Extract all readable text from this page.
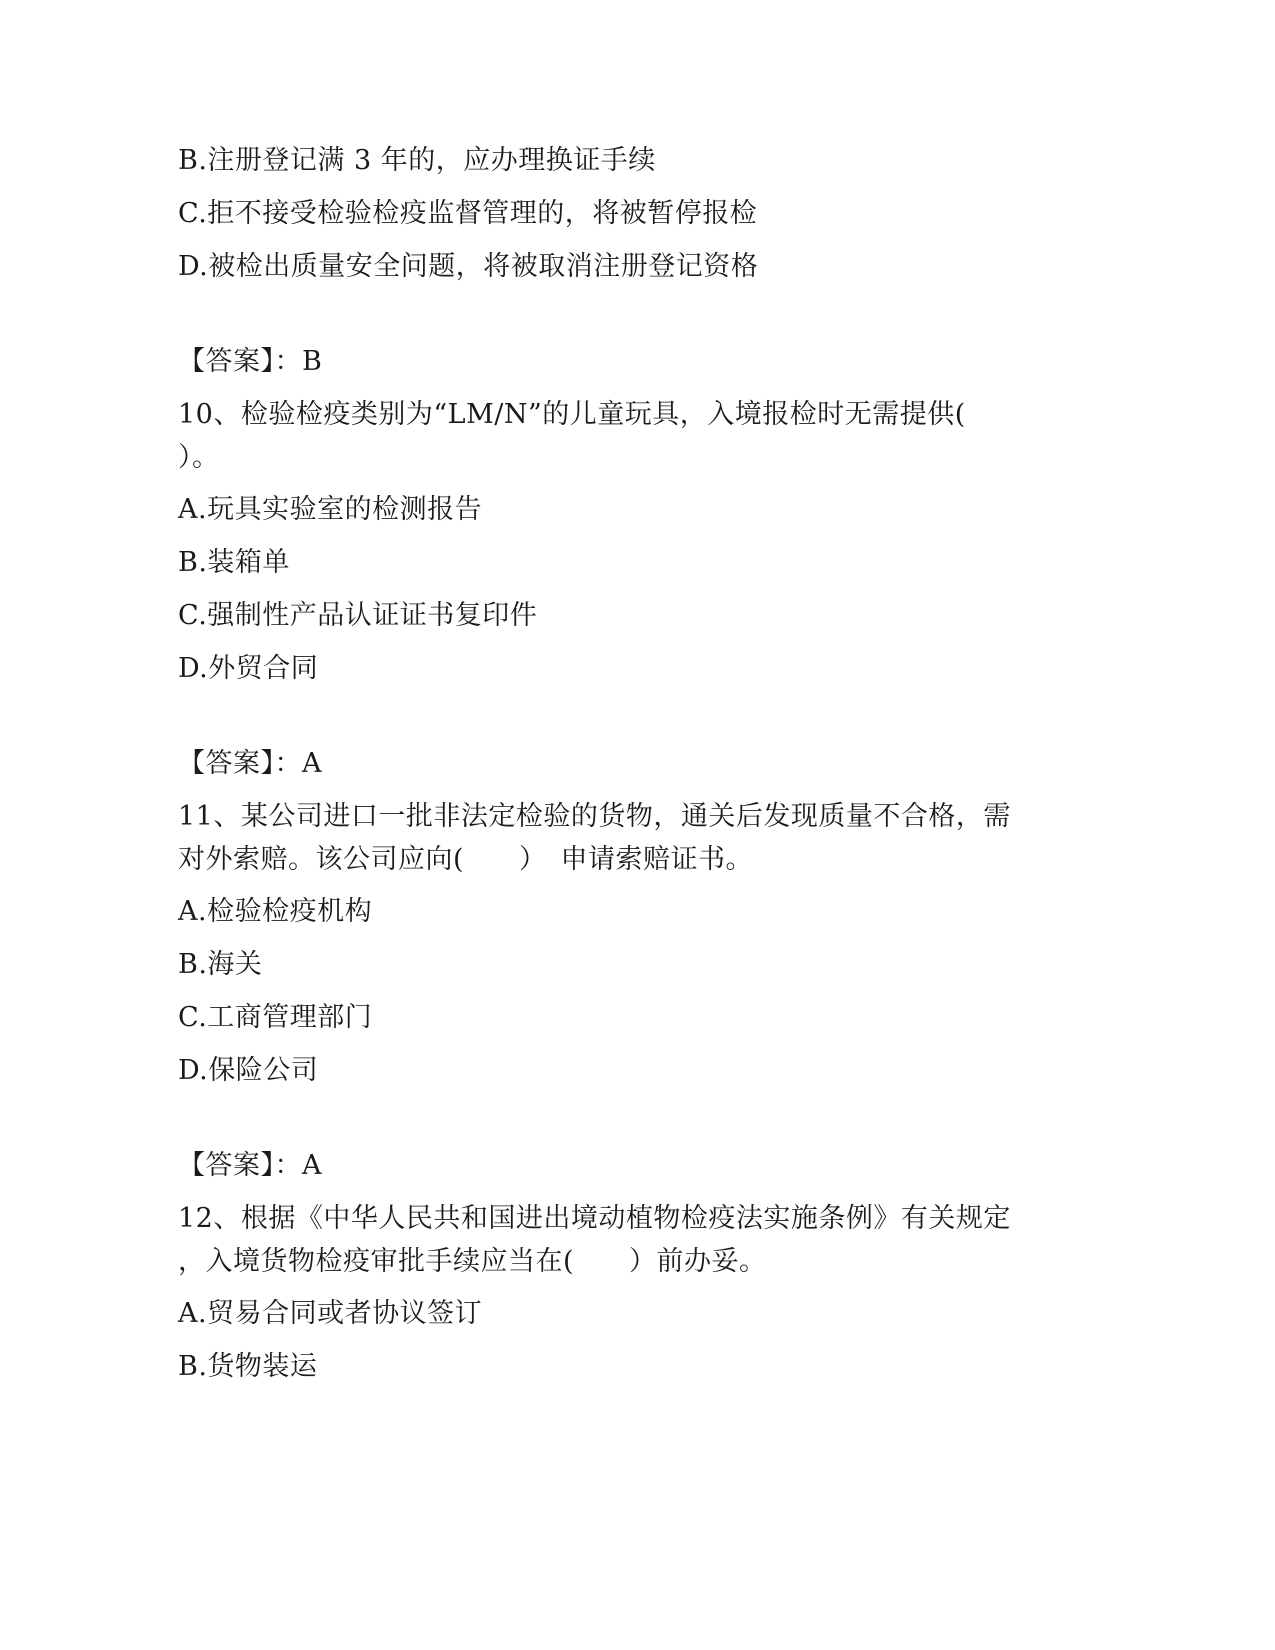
B.注册登记满 3 年的，应办理换证手续
C.拒不接受检验检疫监督管理的，将被暂停报检
D.被检出质量安全问题，将被取消注册登记资格
【答案】：B
10、检验检疫类别为“LM/N”的儿童玩具，入境报检时无需提供(
）。
A.玩具实验室的检测报告
B.装箱单
C.强制性产品认证证书复印件
D.外贸合同
【答案】：A
11、某公司进口一批非法定检验的货物，通关后发现质量不合格，需
对外索赔。该公司应向(　　）　申请索赔证书。
A.检验检疫机构
B.海关
C.工商管理部门
D.保险公司
【答案】：A
12、根据《中华人民共和国进出境动植物检疫法实施条例》有关规定
，入境货物检疫审批手续应当在(　　）前办妥。
A.贸易合同或者协议签订
B.货物装运
